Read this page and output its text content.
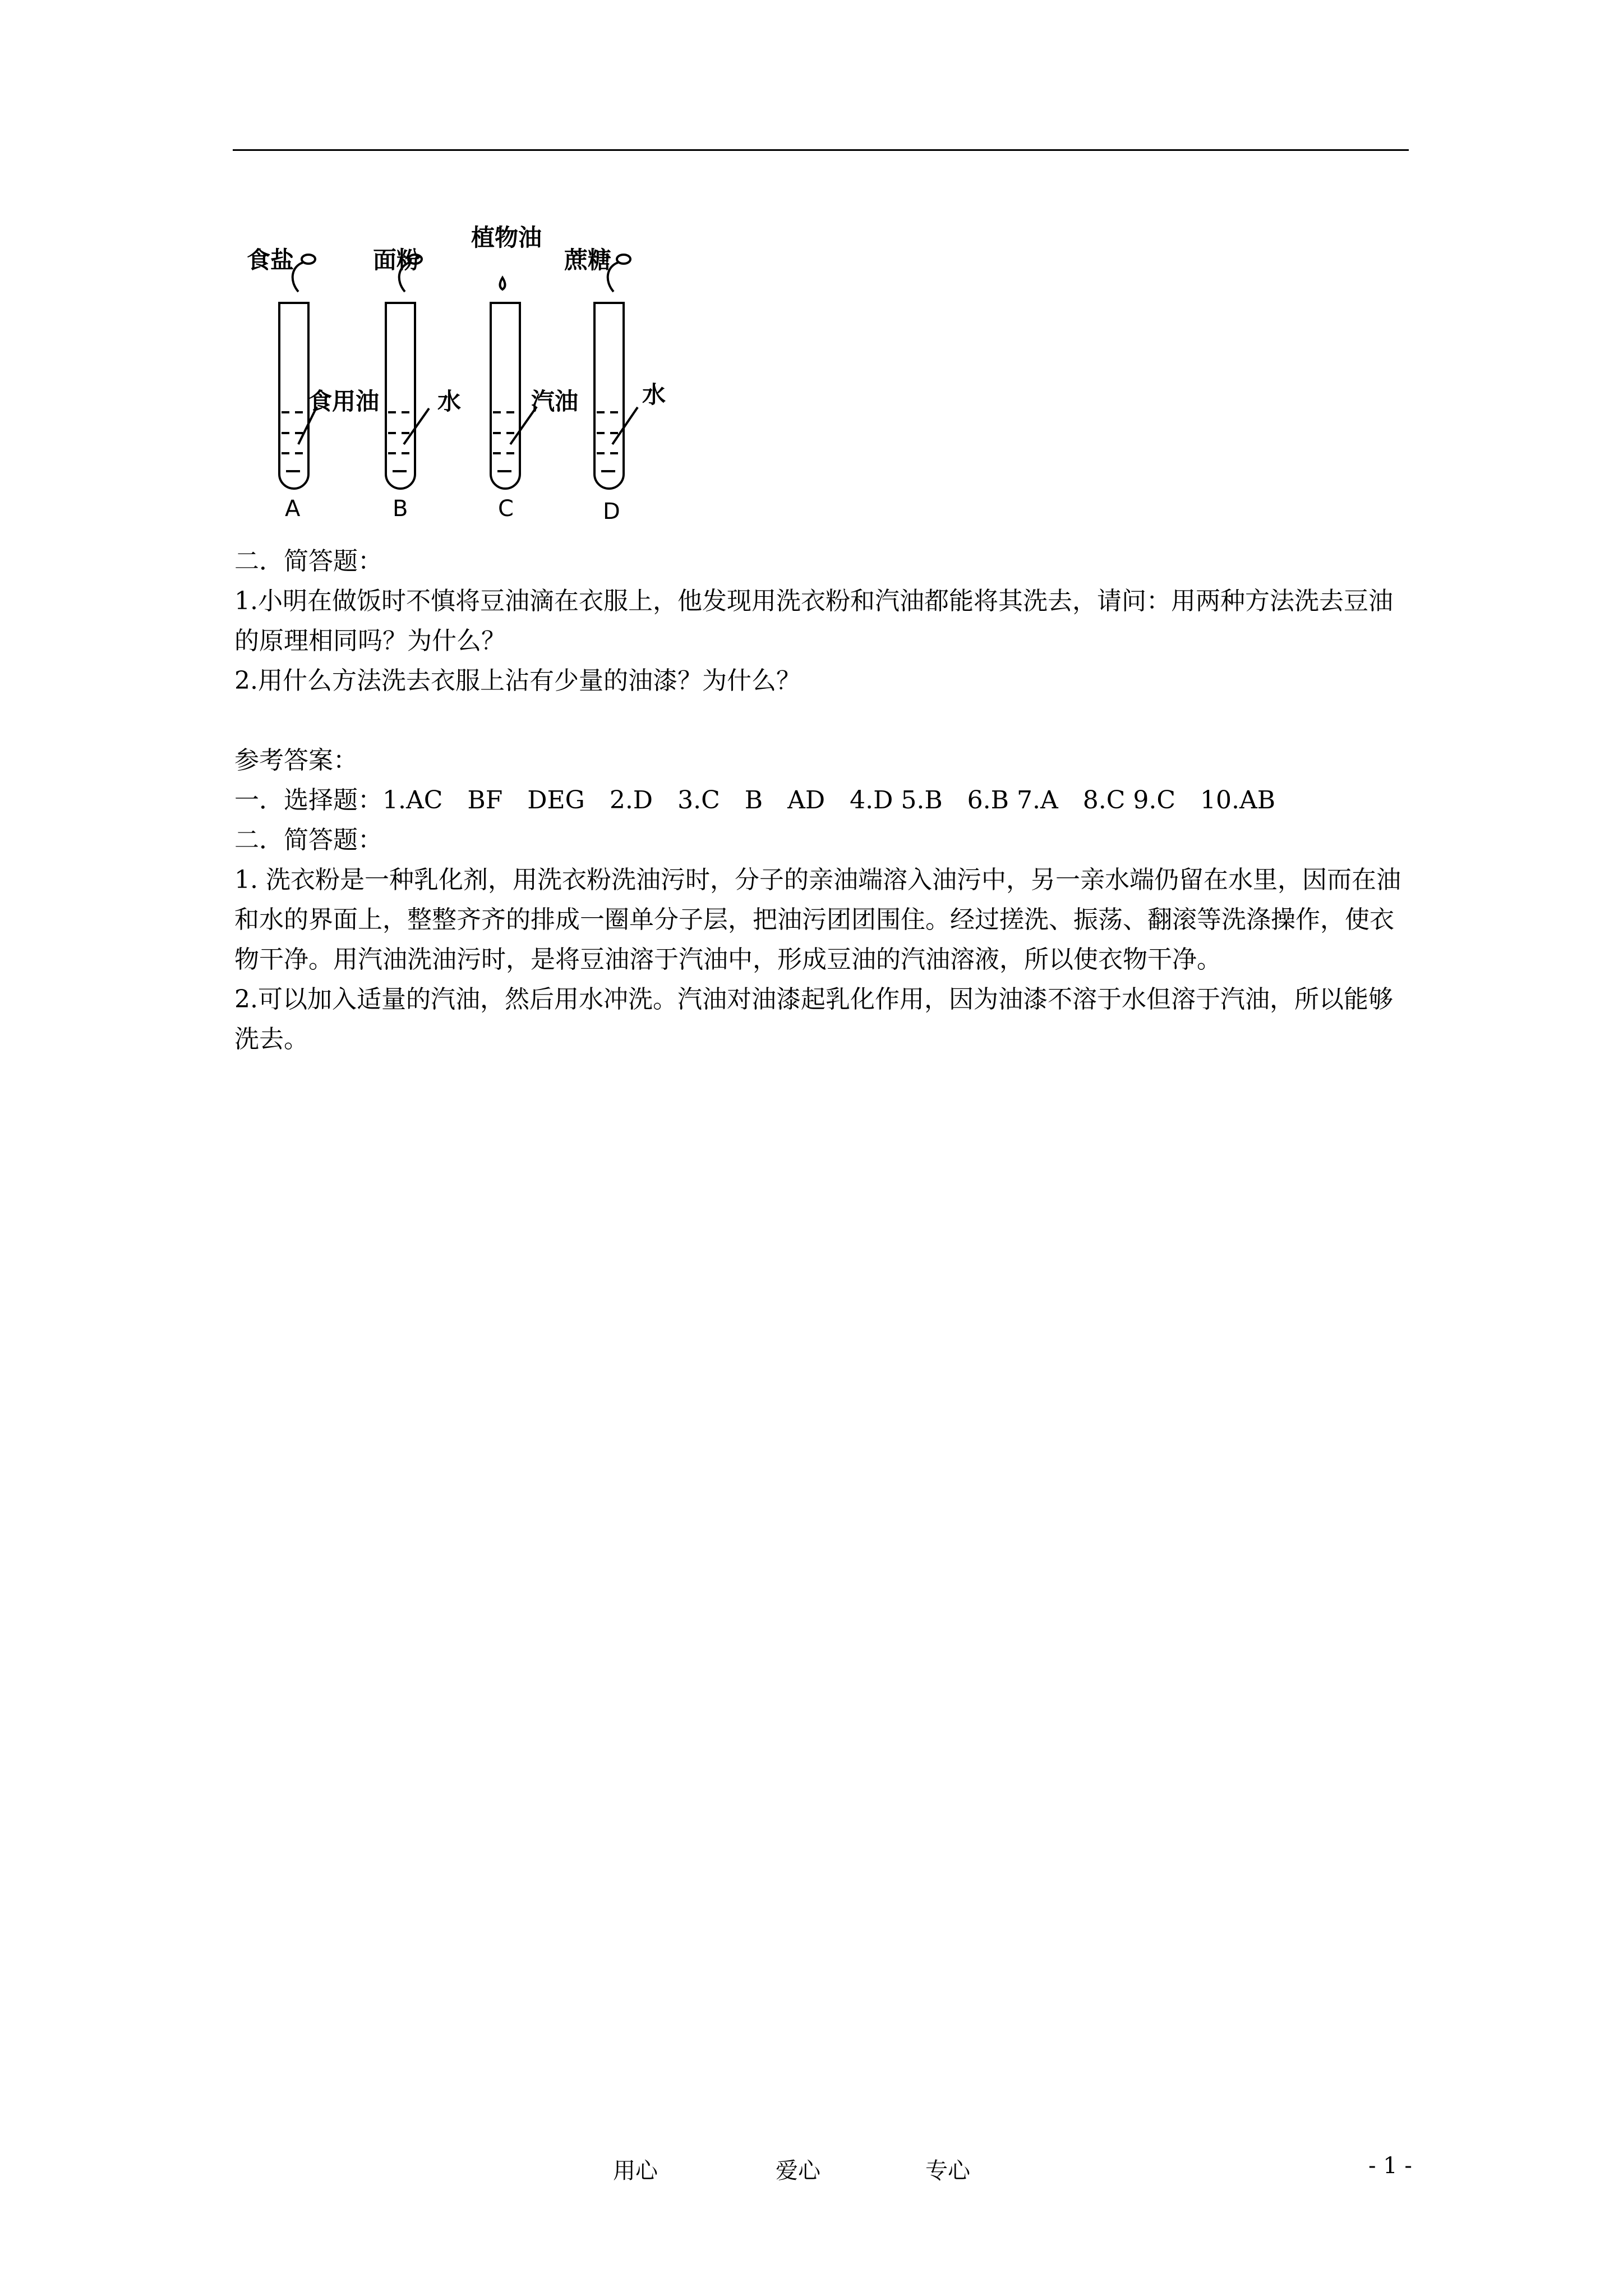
食盐	面粉
植物油
蔗糖
食用油 水	汽油	水
A	B	C	D
二．简答题：
1.小明在做饭时不慎将豆油滴在衣服上，他发现用洗衣粉和汽油都能将其洗去，请问：用两种方法洗去豆油的原理相同吗？为什么？
2.用什么方法洗去衣服上沾有少量的油漆？为什么？
参考答案：
一．选择题：1.AC　BF　DEG　2.D　3.C　B　AD　4.D 5.B　6.B 7.A　8.C 9.C　10.AB
二．简答题：
1. 洗衣粉是一种乳化剂，用洗衣粉洗油污时，分子的亲油端溶入油污中，另一亲水端仍留在水里，因而在油和水的界面上，整整齐齐的排成一圈单分子层，把油污团团围住。经过搓洗、振荡、翻滚等洗涤操作，使衣物干净。用汽油洗油污时，是将豆油溶于汽油中，形成豆油的汽油溶液，所以使衣物干净。
2.可以加入适量的汽油，然后用水冲洗。汽油对油漆起乳化作用，因为油漆不溶于水但溶于汽油，所以能够洗去。
用心	爱心	专心	- 1 -
